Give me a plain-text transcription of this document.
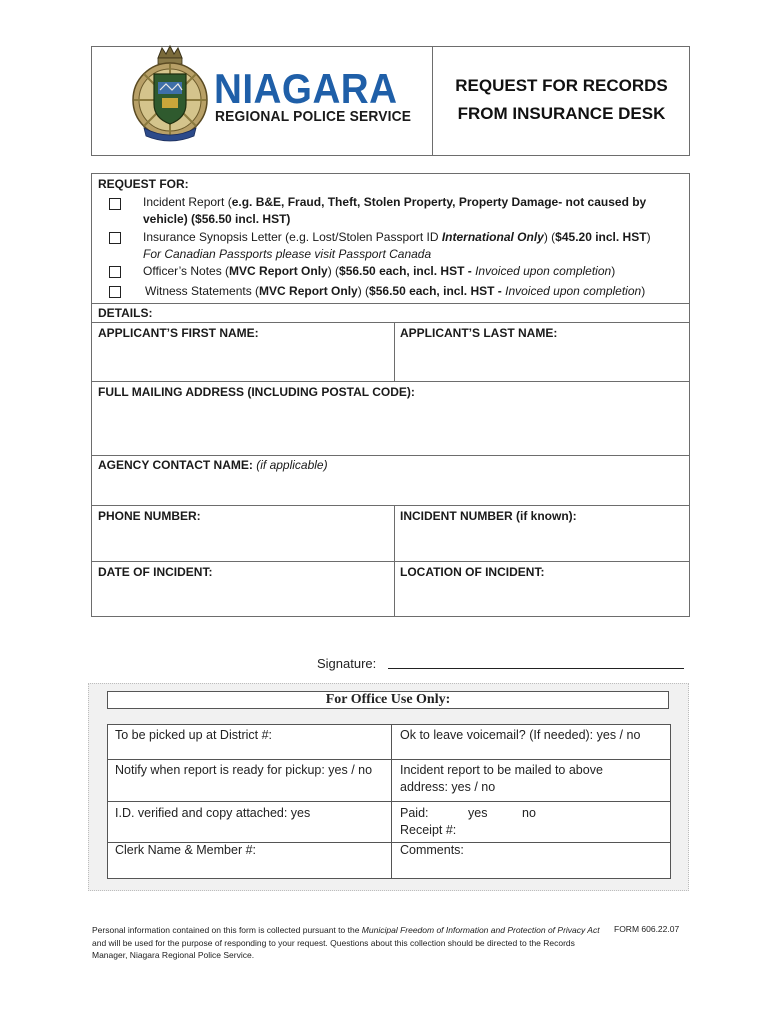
NIAGARA
REGIONAL POLICE SERVICE
REQUEST FOR RECORDS
FROM INSURANCE DESK
REQUEST FOR:
Incident Report (e.g. B&E, Fraud, Theft, Stolen Property, Property Damage- not caused by
vehicle) ($56.50 incl. HST)
Insurance Synopsis Letter (e.g. Lost/Stolen Passport ID International Only) ($45.20 incl. HST)
For Canadian Passports please visit Passport Canada
Officer’s Notes (MVC Report Only) ($56.50 each, incl. HST - Invoiced upon completion)
Witness Statements (MVC Report Only) ($56.50 each, incl. HST - Invoiced upon completion)
DETAILS:
APPLICANT’S FIRST NAME:	APPLICANT’S LAST NAME:
FULL MAILING ADDRESS (INCLUDING POSTAL CODE):
AGENCY CONTACT NAME: (if applicable)
PHONE NUMBER:	INCIDENT NUMBER (if known):
DATE OF INCIDENT:	LOCATION OF INCIDENT:
Signature:
For Office Use Only:
To be picked up at District #:	Ok to leave voicemail? (If needed): yes / no
Notify when report is ready for pickup: yes / no	Incident report to be mailed to above address: yes / no
I.D. verified and copy attached: yes	Paid:	yes	no
Receipt #:
Clerk Name & Member #:	Comments:
Personal information contained on this form is collected pursuant to the Municipal Freedom of Information and Protection of Privacy Act and will be used for the purpose of responding to your request. Questions about this collection should be directed to the Records Manager, Niagara Regional Police Service.
FORM 606.22.07
